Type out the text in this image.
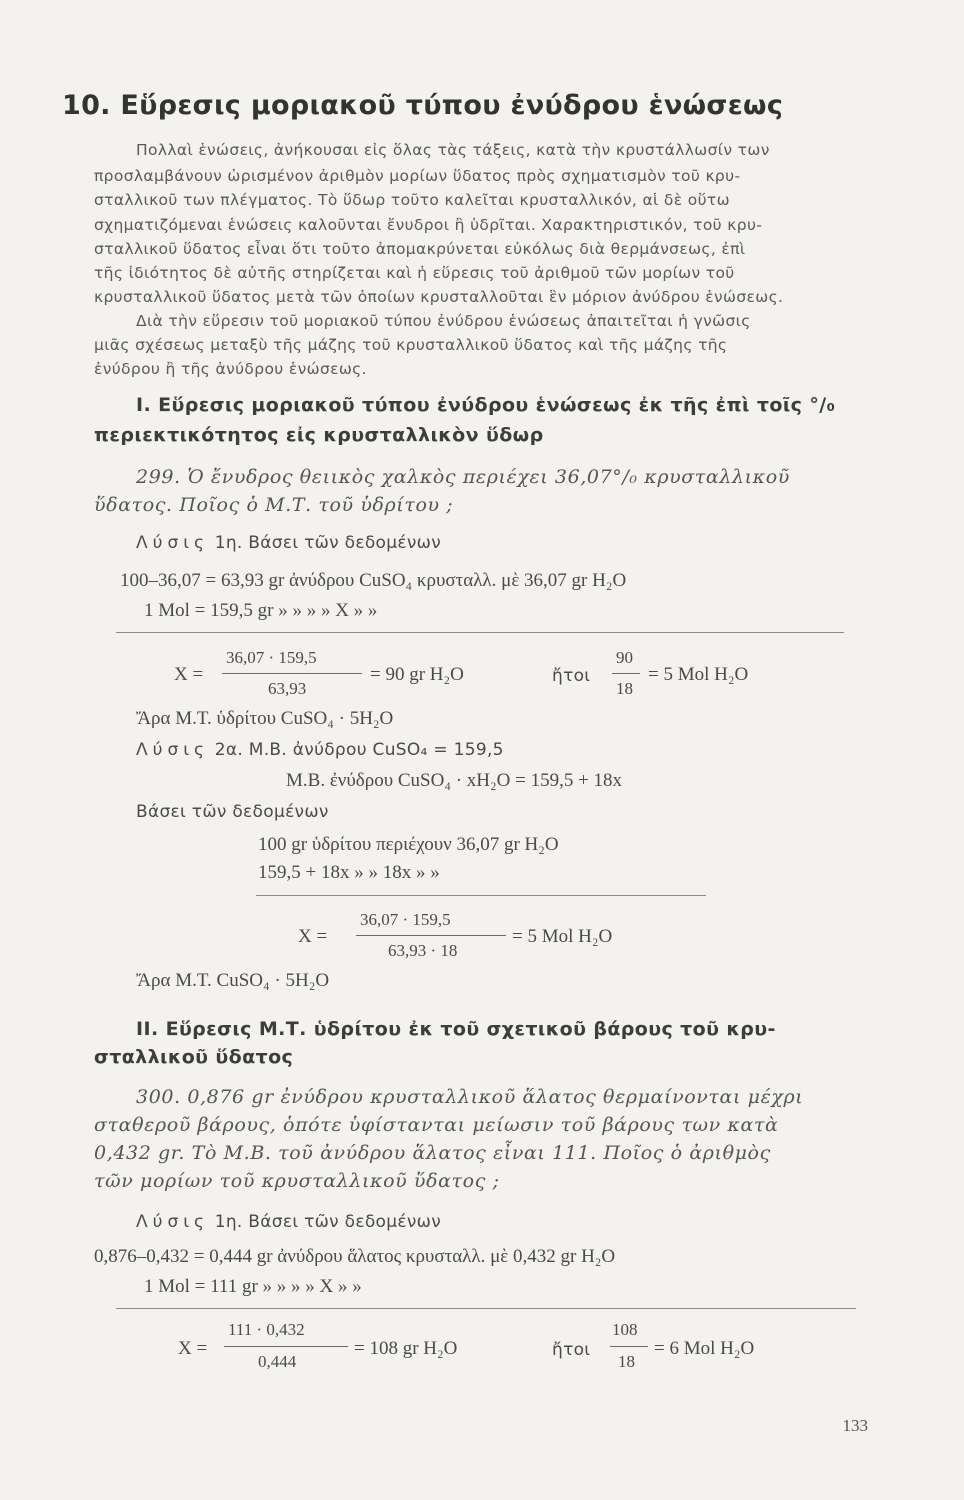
10. Εὕρεσις μοριακοῦ τύπου ἐνύδρου ἑνώσεως
Πολλαὶ ἑνώσεις, ἀνήκουσαι εἰς ὅλας τὰς τάξεις, κατὰ τὴν κρυστάλλωσίν των
προσλαμβάνουν ὡρισμένον ἀριθμὸν μορίων ὕδατος πρὸς σχηματισμὸν τοῦ κρυ-
σταλλικοῦ των πλέγματος. Τὸ ὕδωρ τοῦτο καλεῖται κρυσταλλικόν, αἱ δὲ οὕτω
σχηματιζόμεναι ἑνώσεις καλοῦνται ἔνυδροι ἢ ὑδρῖται. Χαρακτηριστικόν, τοῦ κρυ-
σταλλικοῦ ὕδατος εἶναι ὅτι τοῦτο ἀπομακρύνεται εὐκόλως διὰ θερμάνσεως, ἐπὶ
τῆς ἰδιότητος δὲ αὐτῆς στηρίζεται καὶ ἡ εὕρεσις τοῦ ἀριθμοῦ τῶν μορίων τοῦ
κρυσταλλικοῦ ὕδατος μετὰ τῶν ὁποίων κρυσταλλοῦται ἓν μόριον ἀνύδρου ἑνώσεως.
Διὰ τὴν εὕρεσιν τοῦ μοριακοῦ τύπου ἐνύδρου ἑνώσεως ἀπαιτεῖται ἡ γνῶσις
μιᾶς σχέσεως μεταξὺ τῆς μάζης τοῦ κρυσταλλικοῦ ὕδατος καὶ τῆς μάζης τῆς
ἐνύδρου ἢ τῆς ἀνύδρου ἑνώσεως.
I. Εὕρεσις μοριακοῦ τύπου ἐνύδρου ἑνώσεως ἐκ τῆς ἐπὶ τοῖς °/₀
περιεκτικότητος εἰς κρυσταλλικὸν ὕδωρ
299. Ὁ ἔνυδρος θειικὸς χαλκὸς περιέχει 36,07°/₀ κρυσταλλικοῦ
ὕδατος. Ποῖος ὁ Μ.Τ. τοῦ ὑδρίτου ;
Λύσις 1η. Βάσει τῶν δεδομένων
100–36,07 = 63,93 gr ἀνύδρου CuSO₄ κρυσταλλ. μὲ 36,07 gr H₂O
1 Mol = 159,5 gr » » » » X » »
X =
36,07 · 159,5
63,93
= 90 gr H₂O	ἤτοι
90
18
= 5 Mol H₂O
Ἄρα Μ.Τ. ὑδρίτου CuSO₄ · 5H₂O
Λύσις 2α. Μ.Β. ἀνύδρου CuSO₄ = 159,5
Μ.Β. ἐνύδρου CuSO₄ · xH₂O = 159,5 + 18x
Βάσει τῶν δεδομένων
100 gr ὑδρίτου περιέχουν 36,07 gr H₂O
159,5 + 18x » » 18x » »
X =
36,07 · 159,5
63,93 · 18
= 5 Mol H₂O
Ἄρα Μ.Τ. CuSO₄ · 5H₂O
II. Εὕρεσις Μ.Τ. ὑδρίτου ἐκ τοῦ σχετικοῦ βάρους τοῦ κρυ-
σταλλικοῦ ὕδατος
300. 0,876 gr ἐνύδρου κρυσταλλικοῦ ἅλατος θερμαίνονται μέχρι
σταθεροῦ βάρους, ὁπότε ὑφίστανται μείωσιν τοῦ βάρους των κατὰ
0,432 gr. Τὸ Μ.Β. τοῦ ἀνύδρου ἅλατος εἶναι 111. Ποῖος ὁ ἀριθμὸς
τῶν μορίων τοῦ κρυσταλλικοῦ ὕδατος ;
Λύσις 1η. Βάσει τῶν δεδομένων
0,876–0,432 = 0,444 gr ἀνύδρου ἅλατος κρυσταλλ. μὲ 0,432 gr H₂O
1 Mol = 111 gr » » » » X » »
X =
111 · 0,432
0,444
= 108 gr H₂O	ἤτοι
108
18
= 6 Mol H₂O
133
